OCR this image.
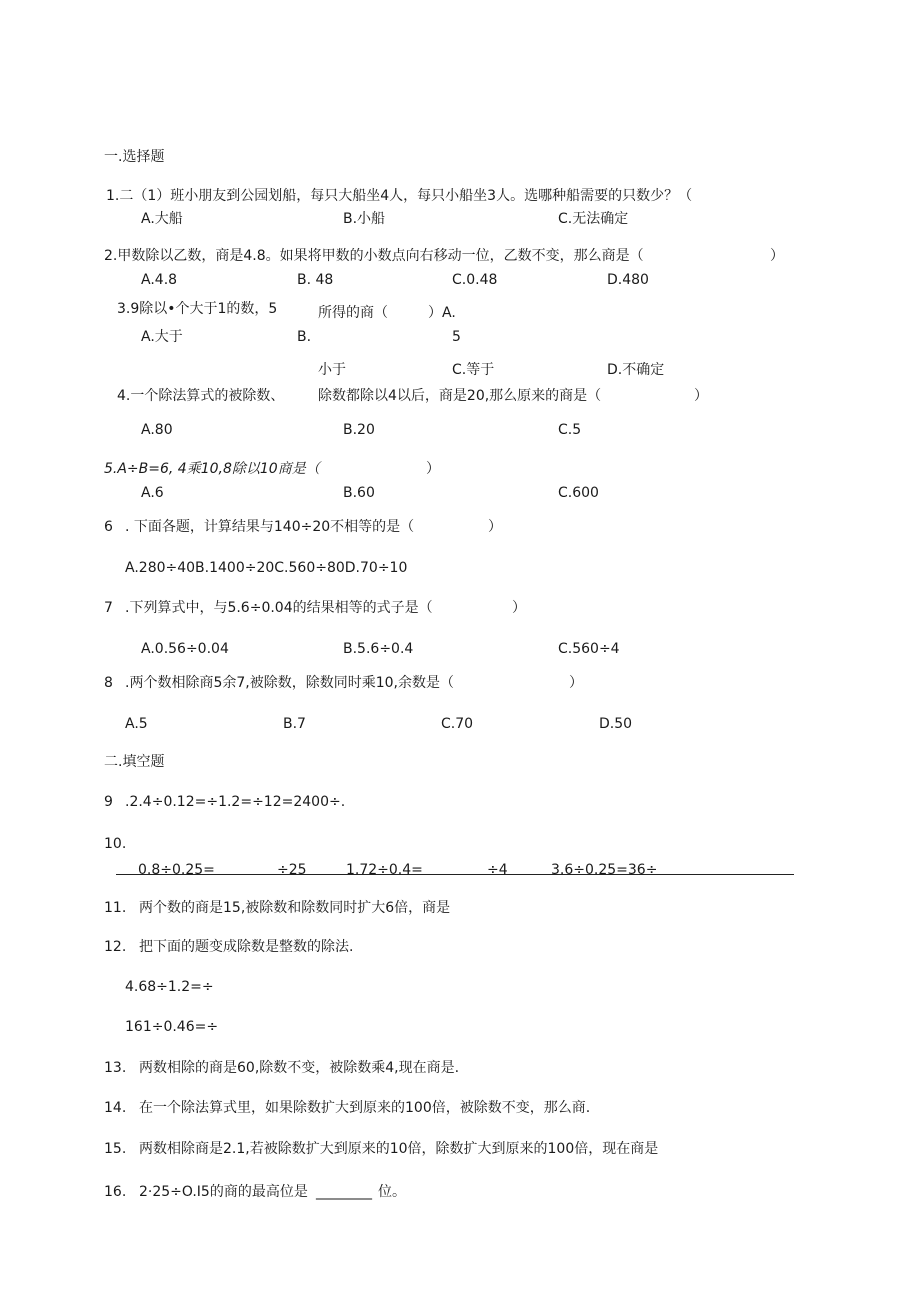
一.选择题
1.二（1）班小朋友到公园划船，每只大船坐4人，每只小船坐3人。选哪种船需要的只数少？（
A.大船	B.小船	C.无法确定
2.甲数除以乙数，商是4.8。如果将甲数的小数点向右移动一位，乙数不变，那么商是（	）
A.4.8	B. 48	C.0.48	D.480
3.9除以•个大于1的数，5	所得的商（	）A.
A.大于	B.	5
小于	C.等于	D.不确定
4.一个除法算式的被除数、 除数都除以4以后，商是20,那么原来的商是（	）
A.80	B.20	C.5
5.A÷B=6, 4乘10,8除以10商是（	）
A.6	B.60	C.600
6 . 下面各题，计算结果与140÷20不相等的是（	）
A.280÷40B.1400÷20C.560÷80D.70÷10
7 .下列算式中，与5.6÷0.04的结果相等的式子是（	）
A.0.56÷0.04	B.5.6÷0.4	C.560÷4
8 .两个数相除商5余7,被除数，除数同时乘10,余数是（	）
A.5	B.7	C.70	D.50
二.填空题
9 .2.4÷0.12=÷1.2=÷12=2400÷.
10.
0.8÷0.25=	÷25	1.72÷0.4=	÷4	3.6÷0.25=36÷
11. 两个数的商是15,被除数和除数同时扩大6倍，商是
12. 把下面的题变成除数是整数的除法.
4.68÷1.2=÷
161÷0.46=÷
13. 两数相除的商是60,除数不变，被除数乘4,现在商是.
14. 在一个除法算式里，如果除数扩大到原来的100倍，被除数不变，那么商.
15. 两数相除商是2.1,若被除数扩大到原来的10倍，除数扩大到原来的100倍，现在商是
16. 2·25÷O.I5的商的最高位是 ________ 位。
